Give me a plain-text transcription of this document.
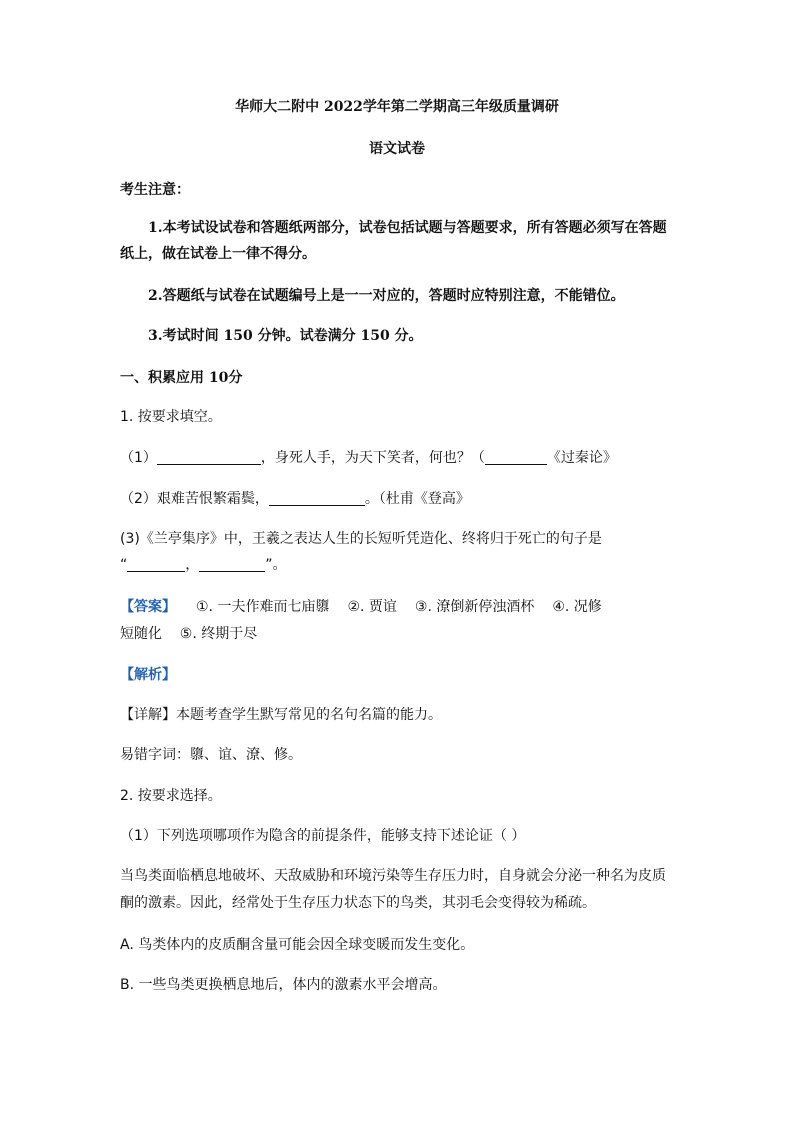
华师大二附中 2022学年第二学期高三年级质量调研
语文试卷
考生注意：
1.本考试设试卷和答题纸两部分，试卷包括试题与答题要求，所有答题必须写在答题
纸上，做在试卷上一律不得分。
2.答题纸与试卷在试题编号上是一一对应的，答题时应特别注意，不能错位。
3.考试时间 150 分钟。试卷满分 150 分。
一、积累应用 10分
1. 按要求填空。
（1）	，身死人手，为天下笑者，何也？（	《过秦论》
（2）艰难苦恨繁霜鬓，	。（杜甫《登高》
(3)《兰亭集序》中，王羲之表达人生的长短听凭造化、终将归于死亡的句子是
“	，	”。
【答案】 ①. 一夫作难而七庙隳 ②. 贾谊 ③. 潦倒新停浊酒杯 ④. 况修
短随化    ⑤. 终期于尽
【解析】
【详解】本题考查学生默写常见的名句名篇的能力。
易错字词：隳、谊、潦、修。
2. 按要求选择。
（1）下列选项哪项作为隐含的前提条件，能够支持下述论证（ ）
当鸟类面临栖息地破坏、天敌威胁和环境污染等生存压力时，自身就会分泌一种名为皮质
酮的激素。因此，经常处于生存压力状态下的鸟类，其羽毛会变得较为稀疏。
A. 鸟类体内的皮质酮含量可能会因全球变暖而发生变化。
B. 一些鸟类更换栖息地后，体内的激素水平会增高。
